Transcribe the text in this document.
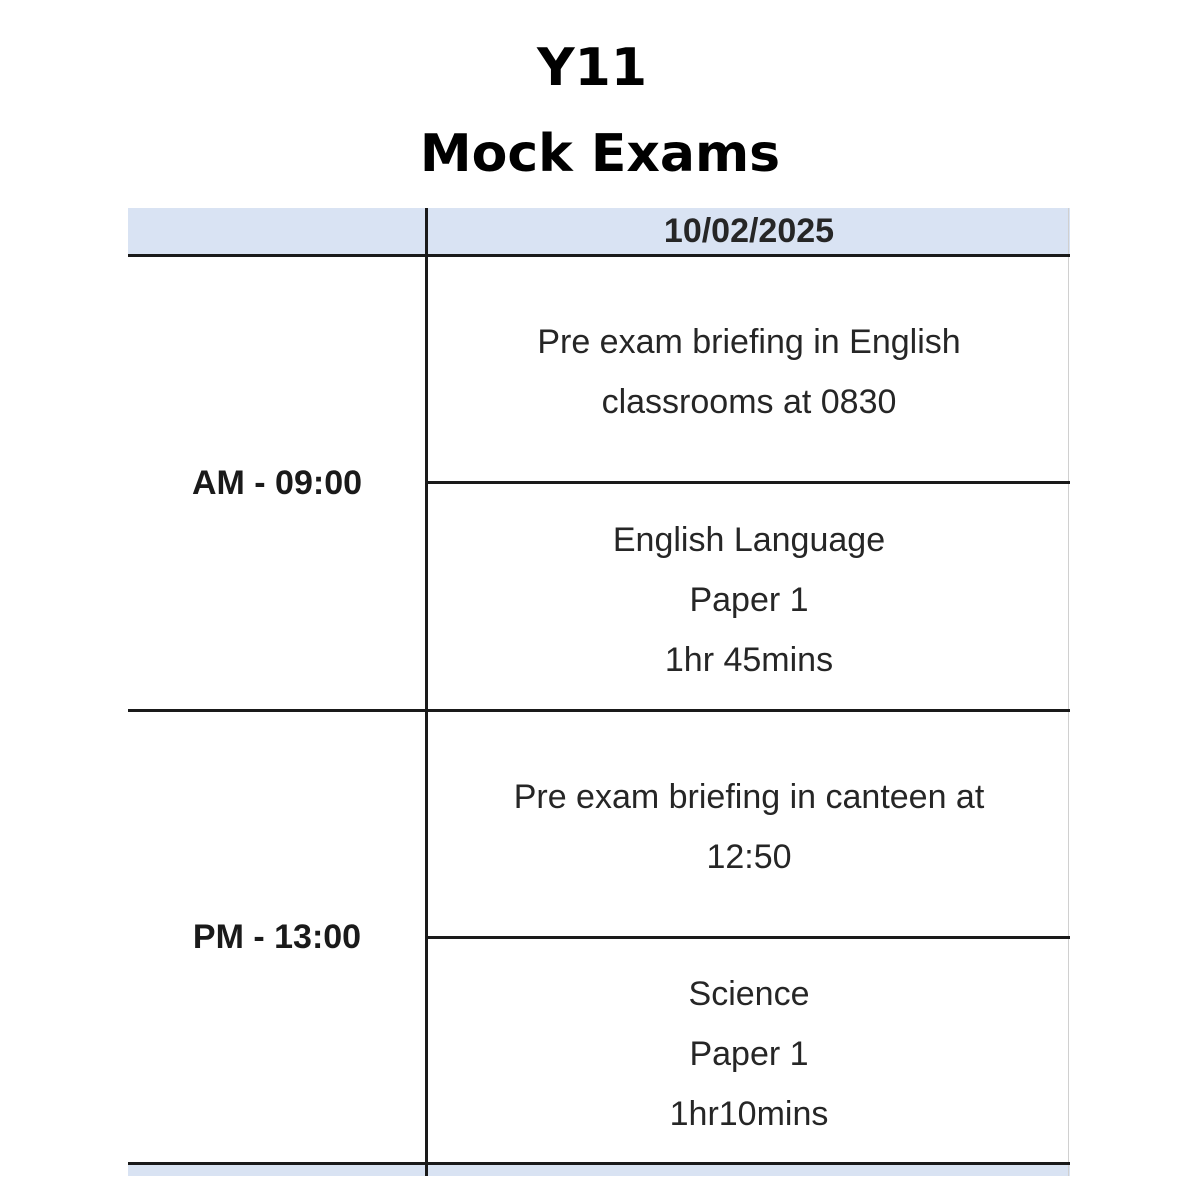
Y11
Mock Exams
10/02/2025
AM - 09:00
Pre exam briefing in English
classrooms at 0830
English Language
Paper 1
1hr 45mins
PM - 13:00
Pre exam briefing in canteen at
12:50
Science
Paper 1
1hr10mins
